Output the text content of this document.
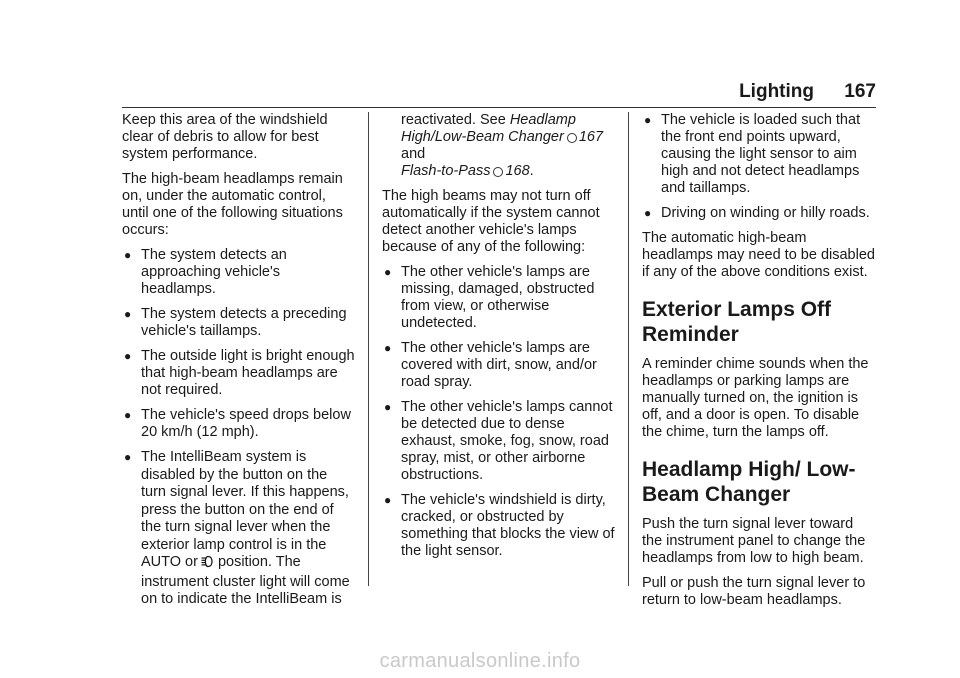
Lighting 167

Keep this area of the windshield clear of debris to allow for best system performance.

The high-beam headlamps remain on, under the automatic control, until one of the following situations occurs:

● The system detects an approaching vehicle's headlamps.
● The system detects a preceding vehicle's taillamps.
● The outside light is bright enough that high-beam headlamps are not required.
● The vehicle's speed drops below 20 km/h (12 mph).
● The IntelliBeam system is disabled by the button on the turn signal lever. If this happens, press the button on the end of the turn signal lever when the exterior lamp control is in the AUTO or position. The instrument cluster light will come on to indicate the IntelliBeam is
reactivated. See Headlamp High/Low-Beam Changer 167
and
Flash-to-Pass 168.

The high beams may not turn off automatically if the system cannot detect another vehicle's lamps because of any of the following:

● The other vehicle's lamps are missing, damaged, obstructed from view, or otherwise undetected.
● The other vehicle's lamps are covered with dirt, snow, and/or road spray.
● The other vehicle's lamps cannot be detected due to dense exhaust, smoke, fog, snow, road spray, mist, or other airborne obstructions.
● The vehicle's windshield is dirty, cracked, or obstructed by something that blocks the view of the light sensor.
● The vehicle is loaded such that the front end points upward, causing the light sensor to aim high and not detect headlamps and taillamps.
● Driving on winding or hilly roads.

The automatic high-beam headlamps may need to be disabled if any of the above conditions exist.

Exterior Lamps Off Reminder

A reminder chime sounds when the headlamps or parking lamps are manually turned on, the ignition is off, and a door is open. To disable the chime, turn the lamps off.

Headlamp High/ Low-Beam Changer

Push the turn signal lever toward the instrument panel to change the headlamps from low to high beam.

Pull or push the turn signal lever to return to low-beam headlamps.

carmanualsonline.info
